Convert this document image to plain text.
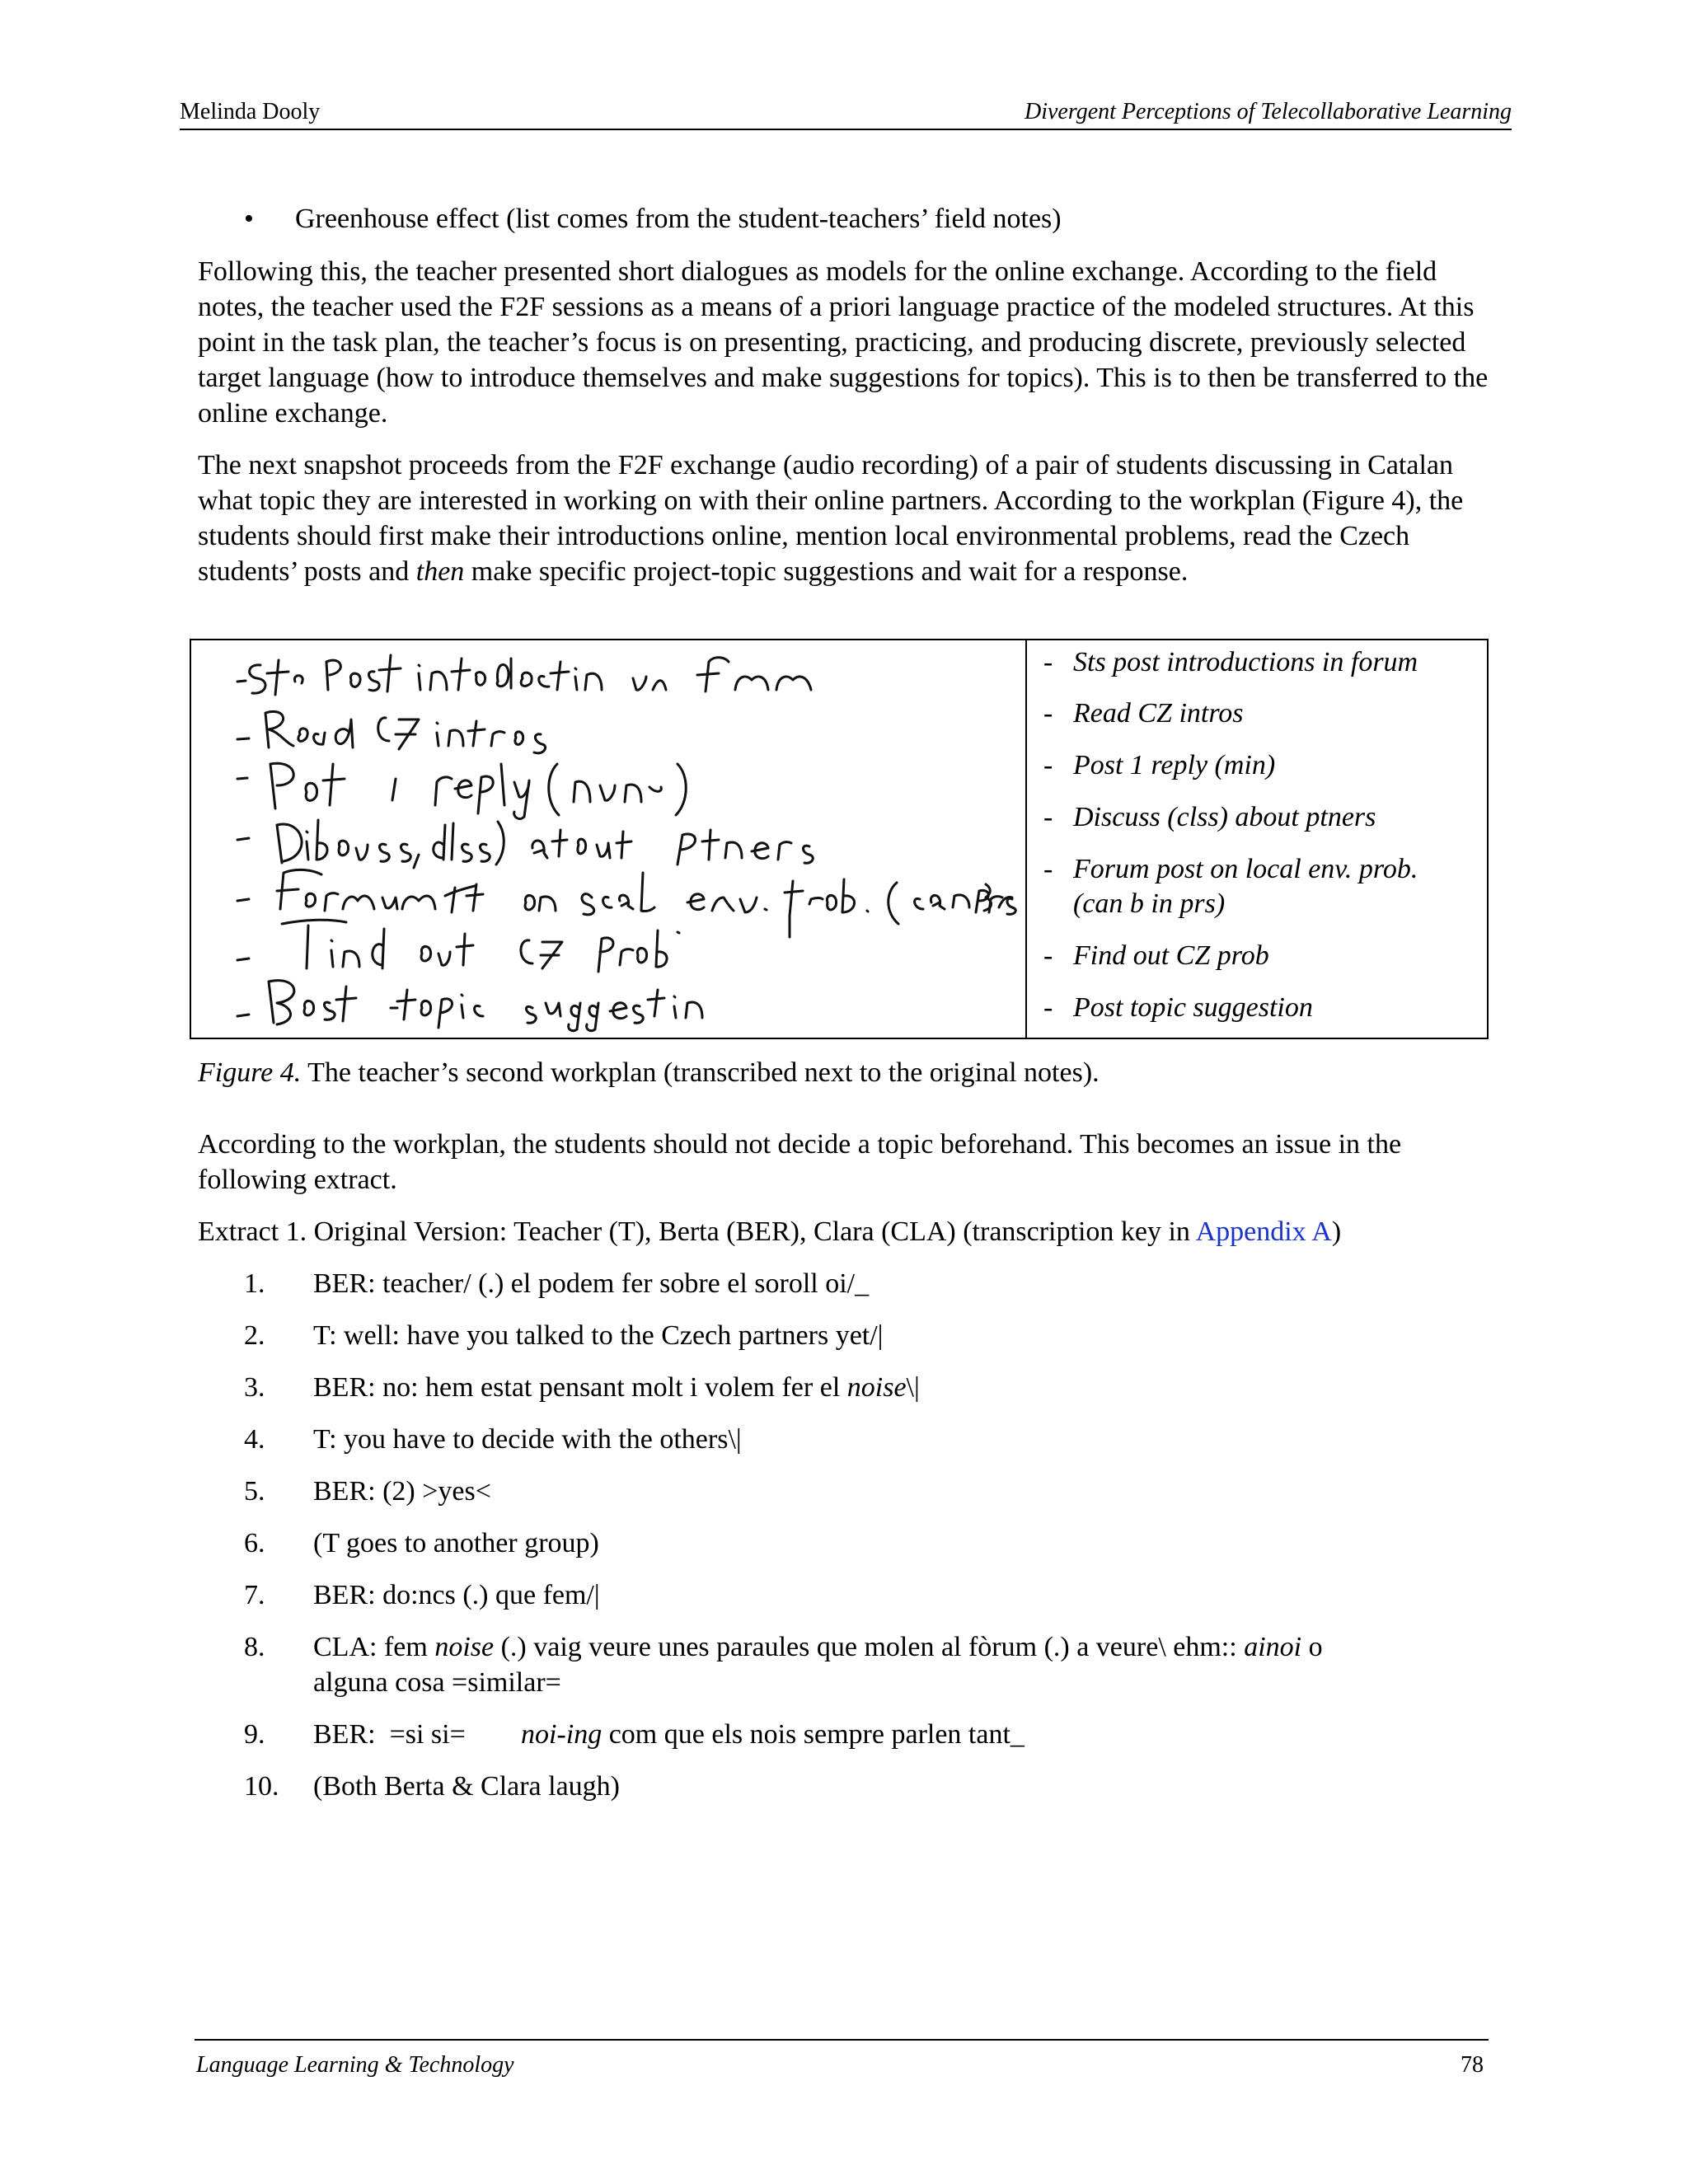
Melinda Dooly	Divergent Perceptions of Telecollaborative Learning
• Greenhouse effect (list comes from the student-teachers’ field notes)
Following this, the teacher presented short dialogues as models for the online exchange. According to the field notes, the teacher used the F2F sessions as a means of a priori language practice of the modeled structures. At this point in the task plan, the teacher’s focus is on presenting, practicing, and producing discrete, previously selected target language (how to introduce themselves and make suggestions for topics). This is to then be transferred to the online exchange.
The next snapshot proceeds from the F2F exchange (audio recording) of a pair of students discussing in Catalan what topic they are interested in working on with their online partners. According to the workplan (Figure 4), the students should first make their introductions online, mention local environmental problems, read the Czech students’ posts and then make specific project-topic suggestions and wait for a response.
- Sts post introductions in forum
- Read CZ intros
- Post 1 reply (min)
- Discuss (clss) about ptners
- Forum post on local env. prob.
(can b in prs)
- Find out CZ prob
- Post topic suggestion
Figure 4. The teacher’s second workplan (transcribed next to the original notes).
According to the workplan, the students should not decide a topic beforehand. This becomes an issue in the following extract.
Extract 1. Original Version: Teacher (T), Berta (BER), Clara (CLA) (transcription key in Appendix A)
1.	BER: teacher/ (.) el podem fer sobre el soroll oi/_
2.	T: well: have you talked to the Czech partners yet/|
3.	BER: no: hem estat pensant molt i volem fer el noise\|
4.	T: you have to decide with the others\|
5.	BER: (2) >yes<
6.	(T goes to another group)
7.	BER: do:ncs (.) que fem/|
8.	CLA: fem noise (.) vaig veure unes paraules que molen al fòrum (.) a veure\ ehm:: ainoi o
alguna cosa =similar=
9.	BER:  =si si= noi-ing com que els nois sempre parlen tant_
10.	(Both Berta & Clara laugh)
Language Learning & Technology	78
